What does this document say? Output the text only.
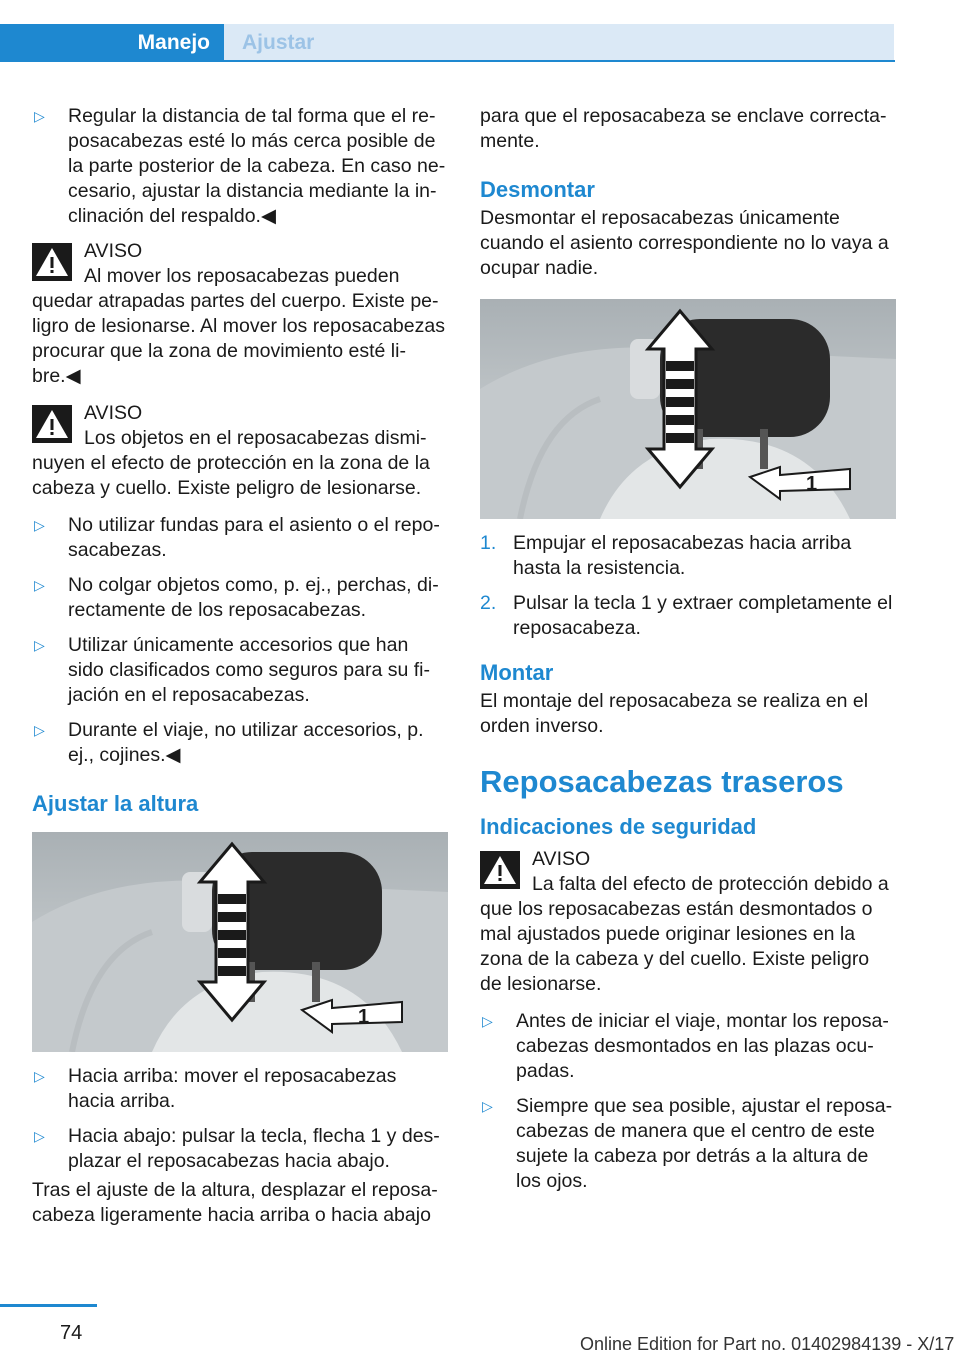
Manejo	Ajustar
▷	Regular la distancia de tal forma que el reposacabezas esté lo más cerca posible de la parte posterior de la cabeza. En caso necesario, ajustar la distancia mediante la inclinación del respaldo.◀

AVISO

Al mover los reposacabezas pueden quedar atrapadas partes del cuerpo. Existe peligro de lesionarse. Al mover los reposacabezas procurar que la zona de movimiento esté libre.◀

AVISO

Los objetos en el reposacabezas disminuyen el efecto de protección en la zona de la cabeza y cuello. Existe peligro de lesionarse.

▷	No utilizar fundas para el asiento o el reposacabezas.

▷	No colgar objetos como, p. ej., perchas, directamente de los reposacabezas.

▷	Utilizar únicamente accesorios que han sido clasificados como seguros para su fijación en el reposacabezas.

▷	Durante el viaje, no utilizar accesorios, p. ej., cojines.◀

Ajustar la altura

1
▷	Hacia arriba: mover el reposacabezas hacia arriba.

▷	Hacia abajo: pulsar la tecla, flecha 1 y desplazar el reposacabezas hacia abajo.

Tras el ajuste de la altura, desplazar el reposacabeza ligeramente hacia arriba o hacia abajo

para que el reposacabeza se enclave correctamente.

Desmontar

Desmontar el reposacabezas únicamente cuando el asiento correspondiente no lo vaya a ocupar nadie.

1
1. Empujar el reposacabezas hacia arriba hasta la resistencia.

2. Pulsar la tecla 1 y extraer completamente el reposacabeza.

Montar

El montaje del reposacabeza se realiza en el orden inverso.

Reposacabezas traseros

Indicaciones de seguridad

AVISO

La falta del efecto de protección debido a que los reposacabezas están desmontados o mal ajustados puede originar lesiones en la zona de la cabeza y del cuello. Existe peligro de lesionarse.

▷	Antes de iniciar el viaje, montar los reposacabezas desmontados en las plazas ocupadas.

▷	Siempre que sea posible, ajustar el reposacabezas de manera que el centro de este sujete la cabeza por detrás a la altura de los ojos.

74	Online Edition for Part no. 01402984139 - X/17
